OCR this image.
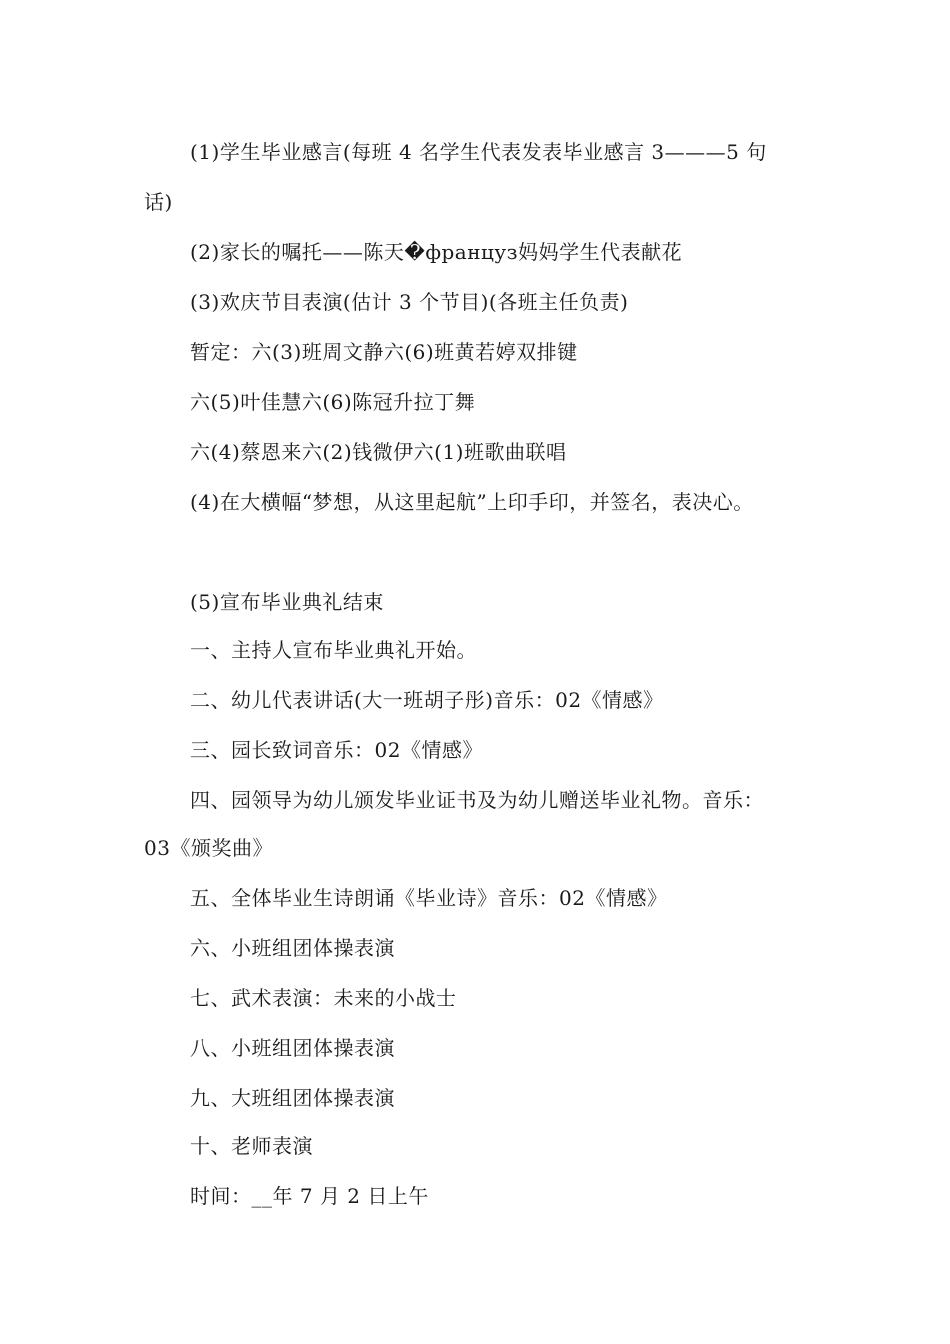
(1)学生毕业感言(每班 4 名学生代表发表毕业感言 3———5 句
话)
(2)家长的嘱托——陈天�француз妈妈学生代表献花
(3)欢庆节目表演(估计 3 个节目)(各班主任负责)
暂定：六(3)班周文静六(6)班黄若婷双排键
六(5)叶佳慧六(6)陈冠升拉丁舞
六(4)蔡恩来六(2)钱微伊六(1)班歌曲联唱
(4)在大横幅“梦想，从这里起航”上印手印，并签名，表决心。
(5)宣布毕业典礼结束
一、主持人宣布毕业典礼开始。
二、幼儿代表讲话(大一班胡子彤)音乐：02《情感》
三、园长致词音乐：02《情感》
四、园领导为幼儿颁发毕业证书及为幼儿赠送毕业礼物。音乐：
03《颁奖曲》
五、全体毕业生诗朗诵《毕业诗》音乐：02《情感》
六、小班组团体操表演
七、武术表演：未来的小战士
八、小班组团体操表演
九、大班组团体操表演
十、老师表演
时间：__年 7 月 2 日上午
